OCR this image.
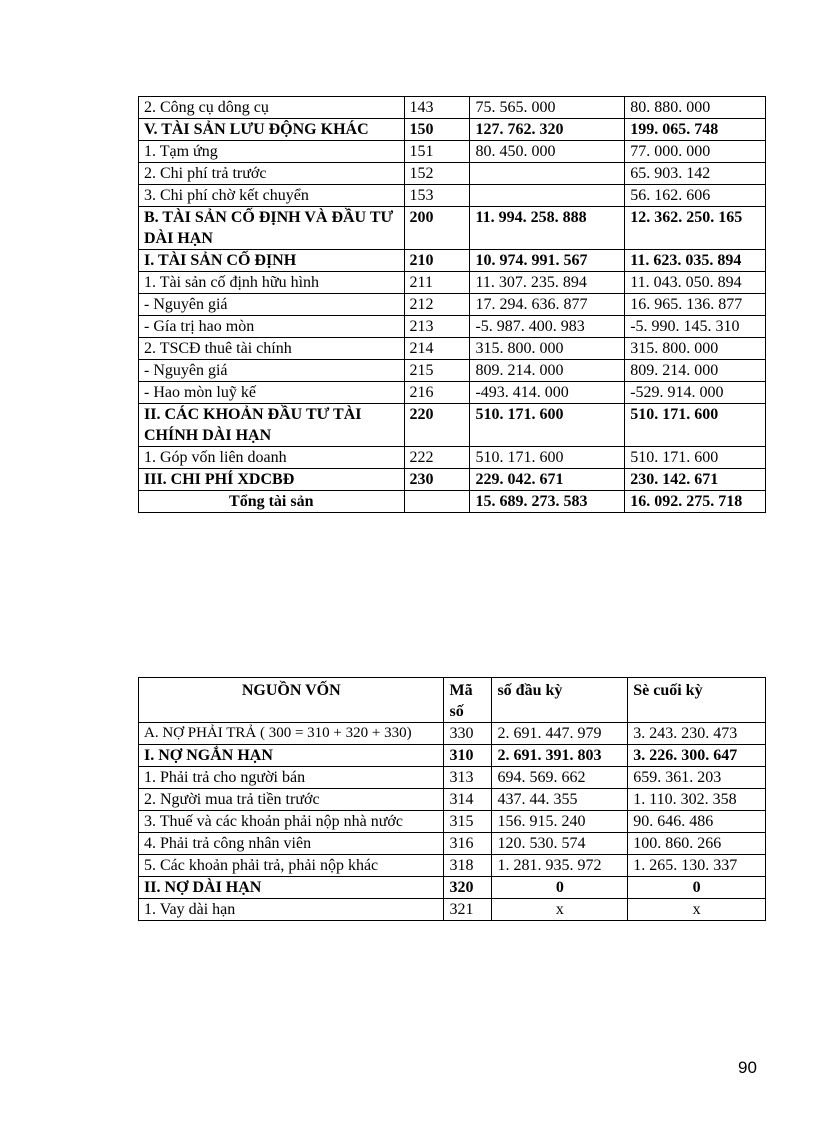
2. Công cụ dông cụ	143	75. 565. 000	80. 880. 000
V. TÀI SẢN LƯU ĐỘNG KHÁC	150	127. 762. 320	199. 065. 748
1. Tạm ứng	151	80. 450. 000	77. 000. 000
2. Chi phí trả trước	152		65. 903. 142
3. Chi phí chờ kết chuyển	153		56. 162. 606
B. TÀI SẢN CỐ ĐỊNH VÀ ĐẦU TƯ DÀI HẠN	200	11. 994. 258. 888	12. 362. 250. 165
I. TÀI SẢN CỐ ĐỊNH	210	10. 974. 991. 567	11. 623. 035. 894
1. Tài sản cố định hữu hình	211	11. 307. 235. 894	11. 043. 050. 894
- Nguyên giá	212	17. 294. 636. 877	16. 965. 136. 877
- Gía trị hao mòn	213	-5. 987. 400. 983	-5. 990. 145. 310
2. TSCĐ thuê tài chính	214	315. 800. 000	315. 800. 000
- Nguyên giá	215	809. 214. 000	809. 214. 000
- Hao mòn luỹ kế	216	-493. 414. 000	-529. 914. 000
II. CÁC KHOẢN ĐẦU TƯ TÀI CHÍNH DÀI HẠN	220	510. 171. 600	510. 171. 600
1. Góp vốn liên doanh	222	510. 171. 600	510. 171. 600
III. CHI PHÍ XDCBĐ	230	229. 042. 671	230. 142. 671
Tổng tài sản		15. 689. 273. 583	16. 092. 275. 718
NGUỒN VỐN	Mã số	số đầu kỳ	Sè cuối kỳ
A. NỢ PHẢI TRẢ ( 300 = 310 + 320 + 330)	330	2. 691. 447. 979	3. 243. 230. 473
I. NỢ NGẮN HẠN	310	2. 691. 391. 803	3. 226. 300. 647
1. Phải trả cho người bán	313	694. 569. 662	659. 361. 203
2. Người mua trả tiền trước	314	437. 44. 355	1. 110. 302. 358
3. Thuế và các khoản phải nộp nhà nước	315	156. 915. 240	90. 646. 486
4. Phải trả công nhân viên	316	120. 530. 574	100. 860. 266
5. Các khoản phải trả, phải nộp khác	318	1. 281. 935. 972	1. 265. 130. 337
II. NỢ DÀI HẠN	320	0	0
1. Vay dài hạn	321	x	x
90
